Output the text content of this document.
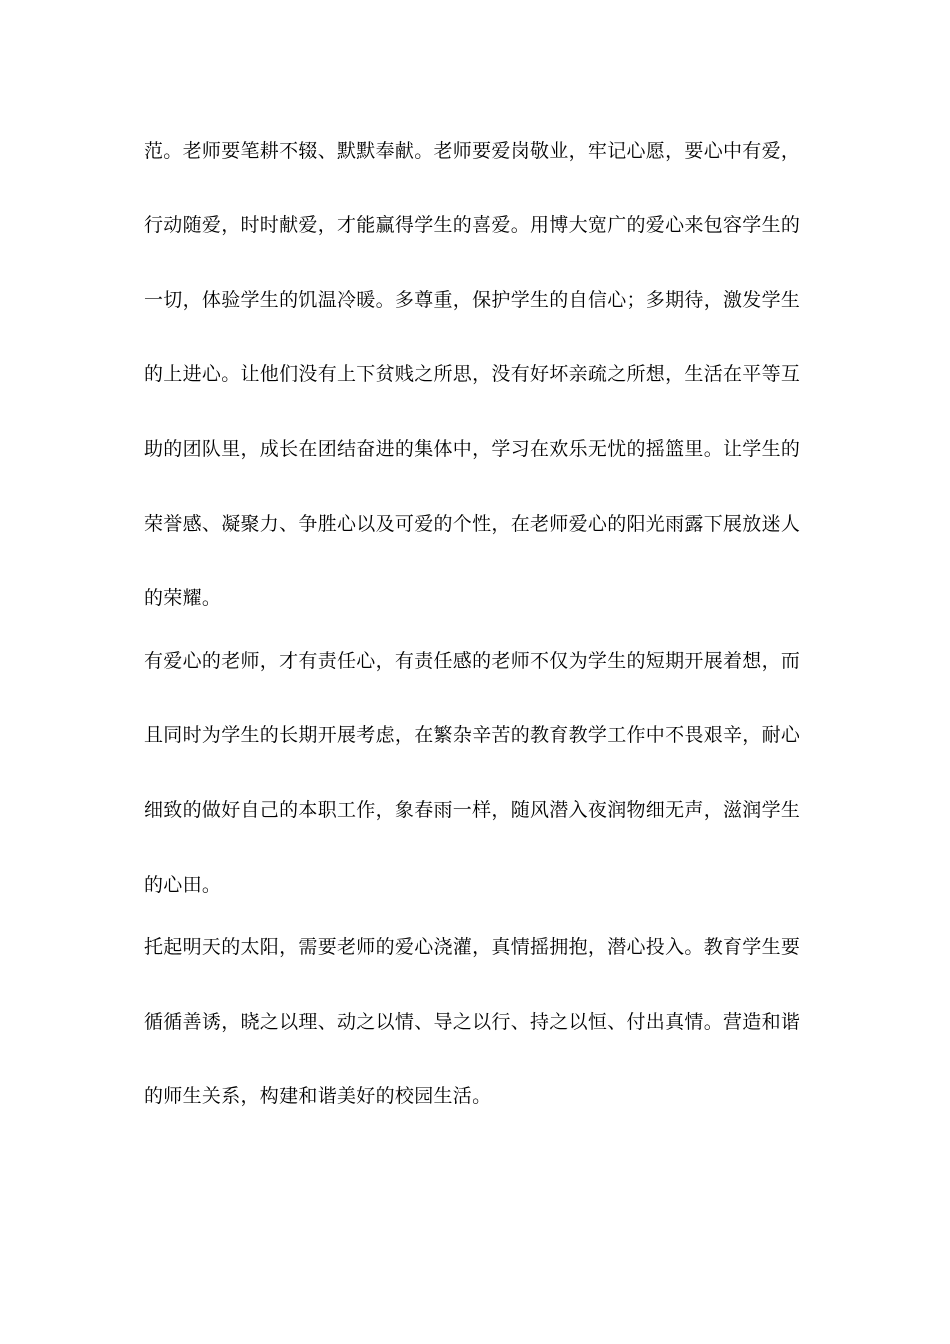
范。老师要笔耕不辍、默默奉献。老师要爱岗敬业，牢记心愿，要心中有爱，
行动随爱，时时献爱，才能赢得学生的喜爱。用博大宽广的爱心来包容学生的
一切，体验学生的饥温冷暖。多尊重，保护学生的自信心；多期待，激发学生
的上进心。让他们没有上下贫贱之所思，没有好坏亲疏之所想，生活在平等互
助的团队里，成长在团结奋进的集体中，学习在欢乐无忧的摇篮里。让学生的
荣誉感、凝聚力、争胜心以及可爱的个性，在老师爱心的阳光雨露下展放迷人
的荣耀。
有爱心的老师，才有责任心，有责任感的老师不仅为学生的短期开展着想，而
且同时为学生的长期开展考虑，在繁杂辛苦的教育教学工作中不畏艰辛，耐心
细致的做好自己的本职工作，象春雨一样，随风潜入夜润物细无声，滋润学生
的心田。
托起明天的太阳，需要老师的爱心浇灌，真情摇拥抱，潜心投入。教育学生要
循循善诱，晓之以理、动之以情、导之以行、持之以恒、付出真情。营造和谐
的师生关系，构建和谐美好的校园生活。
